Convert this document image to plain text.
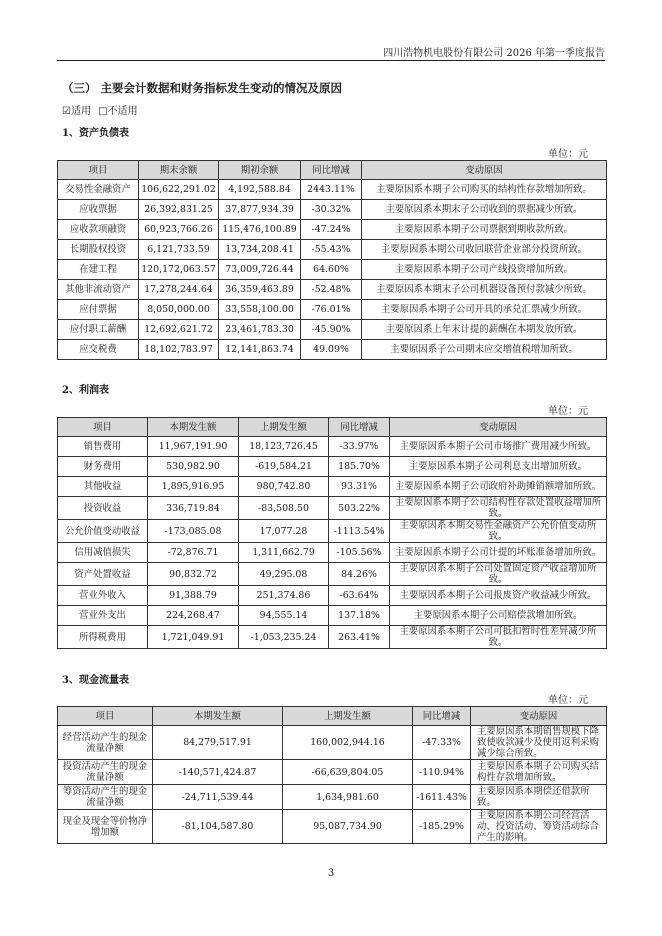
四川浩物机电股份有限公司 2026 年第一季度报告
（三） 主要会计数据和财务指标发生变动的情况及原因
☑适用 □不适用
1、资产负债表
单位：元
项目	期末余额	期初余额	同比增减	变动原因
交易性金融资产	106,622,291.02	4,192,588.84	2443.11%	主要原因系本期子公司购买的结构性存款增加所致。
应收票据	26,392,831.25	37,877,934.39	-30.32%	主要原因系本期末子公司收到的票据减少所致。
应收款项融资	60,923,766.26	115,476,100.89	-47.24%	主要原因系本期子公司票据到期收款所致。
长期股权投资	6,121,733.59	13,734,208.41	-55.43%	主要原因系本期公司收回联营企业部分投资所致。
在建工程	120,172,063.57	73,009,726.44	64.60%	主要原因系本期子公司产线投资增加所致。
其他非流动资产	17,278,244.64	36,359,463.89	-52.48%	主要原因系本期末子公司机器设备预付款减少所致。
应付票据	8,050,000.00	33,558,100.00	-76.01%	主要原因系本期子公司开具的承兑汇票减少所致。
应付职工薪酬	12,692,621.72	23,461,783.30	-45.90%	主要原因系上年末计提的薪酬在本期发放所致。
应交税费	18,102,783.97	12,141,863.74	49.09%	主要原因系子公司期末应交增值税增加所致。
2、利润表
单位：元
项目	本期发生额	上期发生额	同比增减	变动原因
销售费用	11,967,191.90	18,123,726.45	-33.97%	主要原因系本期子公司市场推广费用减少所致。
财务费用	530,982.90	-619,584.21	185.70%	主要原因系本期子公司利息支出增加所致。
其他收益	1,895,916.95	980,742.80	93.31%	主要原因系本期子公司政府补助摊销额增加所致。
投资收益	336,719.84	-83,508.50	503.22%	主要原因系本期子公司结构性存款处置收益增加所致。
公允价值变动收益	-173,085.08	17,077.28	-1113.54%	主要原因系本期交易性金融资产公允价值变动所致。
信用减值损失	-72,876.71	1,311,662.79	-105.56%	主要原因系本期子公司计提的坏账准备增加所致。
资产处置收益	90,832.72	49,295.08	84.26%	主要原因系本期子公司处置固定资产收益增加所致。
营业外收入	91,388.79	251,374.86	-63.64%	主要原因系本期子公司报废资产收益减少所致。
营业外支出	224,268.47	94,555.14	137.18%	主要原因系本期子公司赔偿款增加所致。
所得税费用	1,721,049.91	-1,053,235.24	263.41%	主要原因系本期子公司可抵扣暂时性差异减少所致。
3、现金流量表
单位：元
项目	本期发生额	上期发生额	同比增减	变动原因
经营活动产生的现金流量净额	84,279,517.91	160,002,944.16	-47.33%	主要原因系本期销售规模下降致使收款减少及使用返利采购减少综合所致。
投资活动产生的现金流量净额	-140,571,424.87	-66,639,804.05	-110.94%	主要原因系本期子公司购买结构性存款增加所致。
筹资活动产生的现金流量净额	-24,711,539.44	1,634,981.60	-1611.43%	主要原因系本期偿还借款所致。
现金及现金等价物净增加额	-81,104,587.80	95,087,734.90	-185.29%	主要原因系本期公司经营活动、投资活动、筹资活动综合产生的影响。
3
